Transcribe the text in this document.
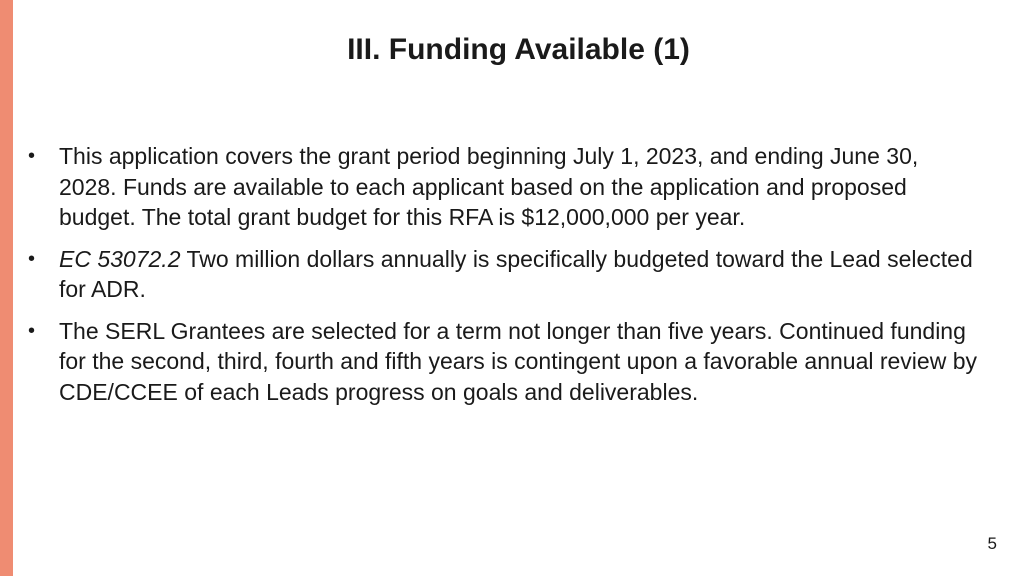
III. Funding Available (1)
• This application covers the grant period beginning July 1, 2023, and ending June 30, 2028. Funds are available to each applicant based on the application and proposed budget. The total grant budget for this RFA is $12,000,000 per year.
• EC 53072.2 Two million dollars annually is specifically budgeted toward the Lead selected for ADR.
• The SERL Grantees are selected for a term not longer than five years. Continued funding for the second, third, fourth and fifth years is contingent upon a favorable annual review by CDE/CCEE of each Leads progress on goals and deliverables.
5
